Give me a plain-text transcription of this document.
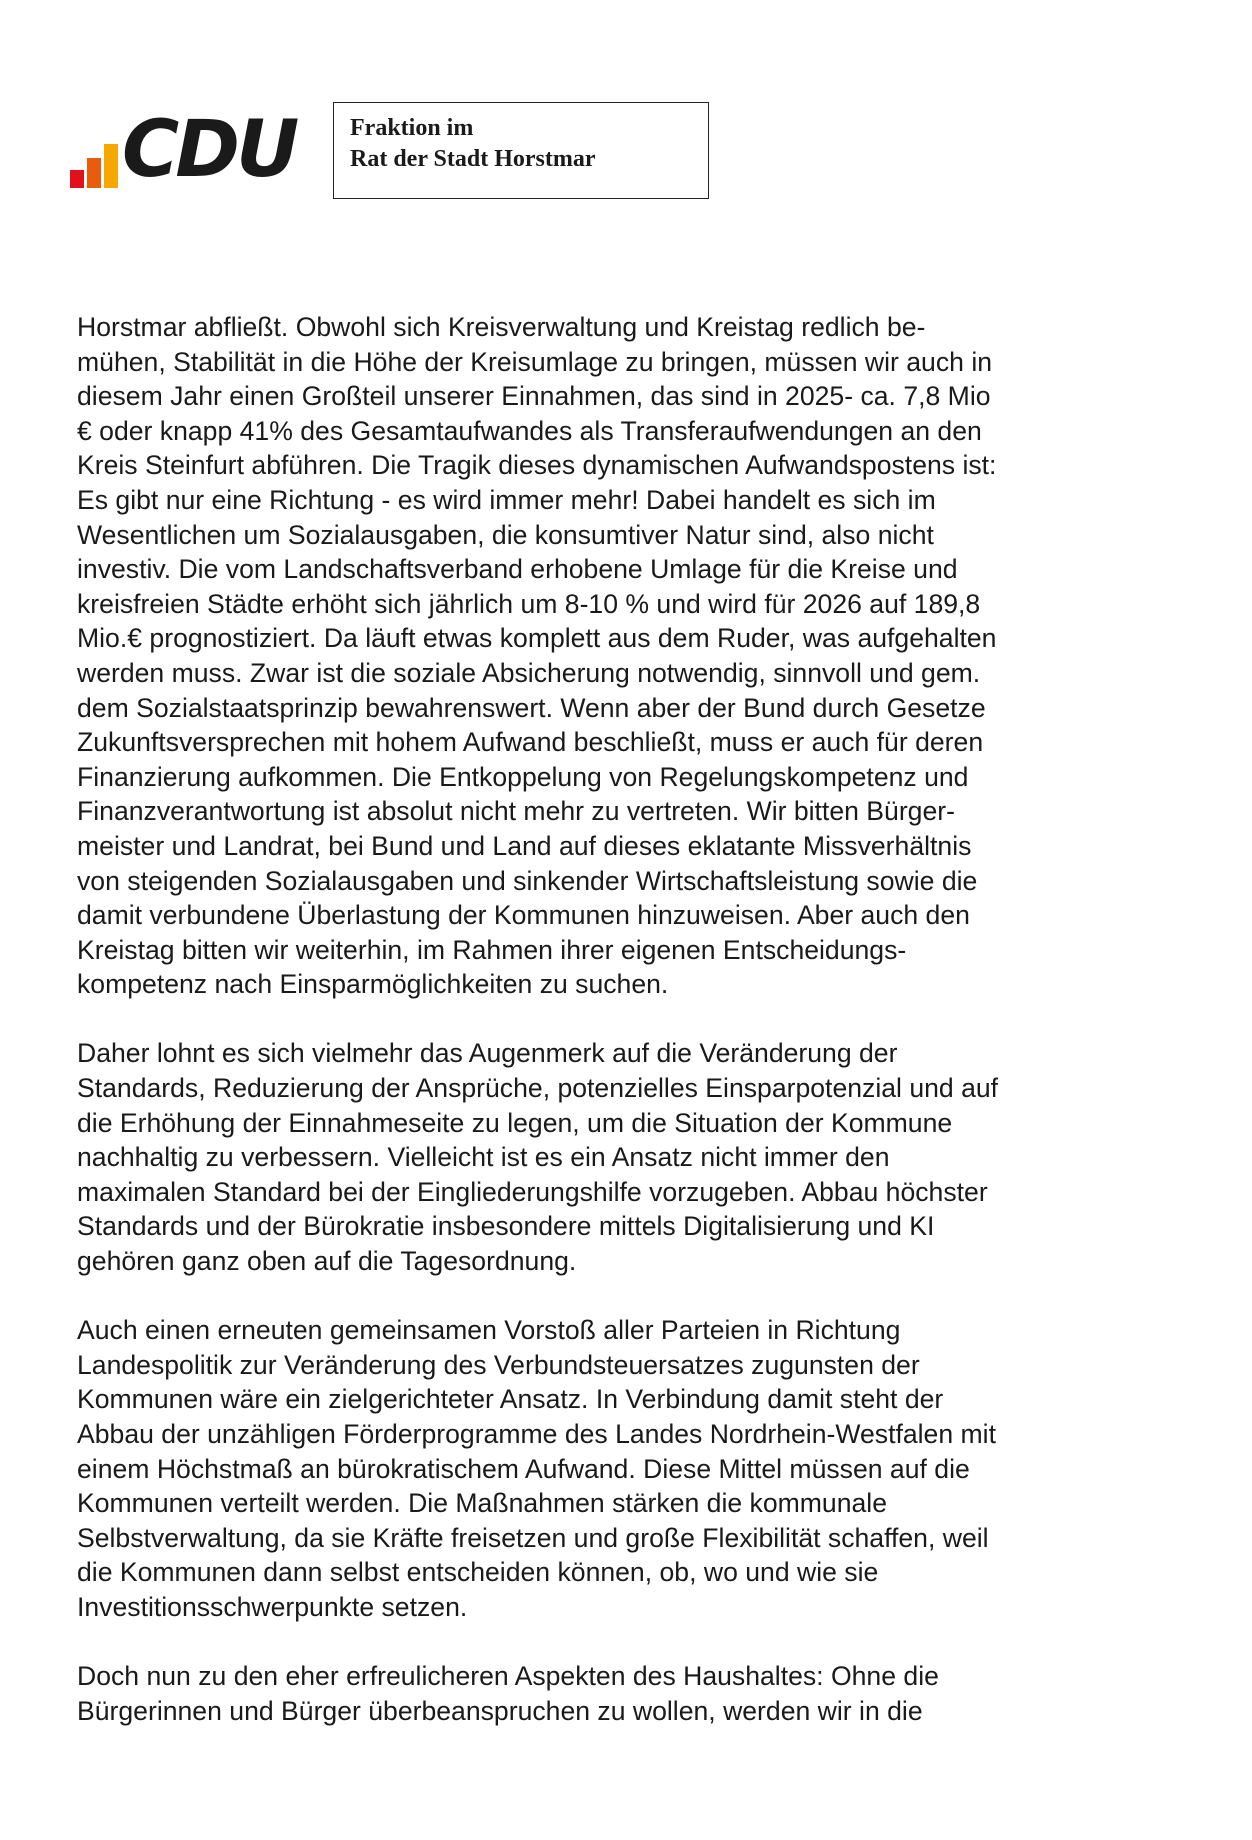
CDU Fraktion im
Rat der Stadt Horstmar
Horstmar abfließt. Obwohl sich Kreisverwaltung und Kreistag redlich be-
mühen, Stabilität in die Höhe der Kreisumlage zu bringen, müssen wir auch in
diesem Jahr einen Großteil unserer Einnahmen, das sind in 2025- ca. 7,8 Mio
€ oder knapp 41% des Gesamtaufwandes als Transferaufwendungen an den
Kreis Steinfurt abführen. Die Tragik dieses dynamischen Aufwandspostens ist:
Es gibt nur eine Richtung - es wird immer mehr! Dabei handelt es sich im
Wesentlichen um Sozialausgaben, die konsumtiver Natur sind, also nicht
investiv. Die vom Landschaftsverband erhobene Umlage für die Kreise und
kreisfreien Städte erhöht sich jährlich um 8-10 % und wird für 2026 auf 189,8
Mio.€ prognostiziert. Da läuft etwas komplett aus dem Ruder, was aufgehalten
werden muss. Zwar ist die soziale Absicherung notwendig, sinnvoll und gem.
dem Sozialstaatsprinzip bewahrenswert. Wenn aber der Bund durch Gesetze
Zukunftsversprechen mit hohem Aufwand beschließt, muss er auch für deren
Finanzierung aufkommen. Die Entkoppelung von Regelungskompetenz und
Finanzverantwortung ist absolut nicht mehr zu vertreten. Wir bitten Bürger-
meister und Landrat, bei Bund und Land auf dieses eklatante Missverhältnis
von steigenden Sozialausgaben und sinkender Wirtschaftsleistung sowie die
damit verbundene Überlastung der Kommunen hinzuweisen. Aber auch den
Kreistag bitten wir weiterhin, im Rahmen ihrer eigenen Entscheidungs-
kompetenz nach Einsparmöglichkeiten zu suchen.
Daher lohnt es sich vielmehr das Augenmerk auf die Veränderung der
Standards, Reduzierung der Ansprüche, potenzielles Einsparpotenzial und auf
die Erhöhung der Einnahmeseite zu legen, um die Situation der Kommune
nachhaltig zu verbessern. Vielleicht ist es ein Ansatz nicht immer den
maximalen Standard bei der Eingliederungshilfe vorzugeben. Abbau höchster
Standards und der Bürokratie insbesondere mittels Digitalisierung und KI
gehören ganz oben auf die Tagesordnung.
Auch einen erneuten gemeinsamen Vorstoß aller Parteien in Richtung
Landespolitik zur Veränderung des Verbundsteuersatzes zugunsten der
Kommunen wäre ein zielgerichteter Ansatz. In Verbindung damit steht der
Abbau der unzähligen Förderprogramme des Landes Nordrhein-Westfalen mit
einem Höchstmaß an bürokratischem Aufwand. Diese Mittel müssen auf die
Kommunen verteilt werden. Die Maßnahmen stärken die kommunale
Selbstverwaltung, da sie Kräfte freisetzen und große Flexibilität schaffen, weil
die Kommunen dann selbst entscheiden können, ob, wo und wie sie
Investitionsschwerpunkte setzen.
Doch nun zu den eher erfreulicheren Aspekten des Haushaltes: Ohne die
Bürgerinnen und Bürger überbeanspruchen zu wollen, werden wir in die
